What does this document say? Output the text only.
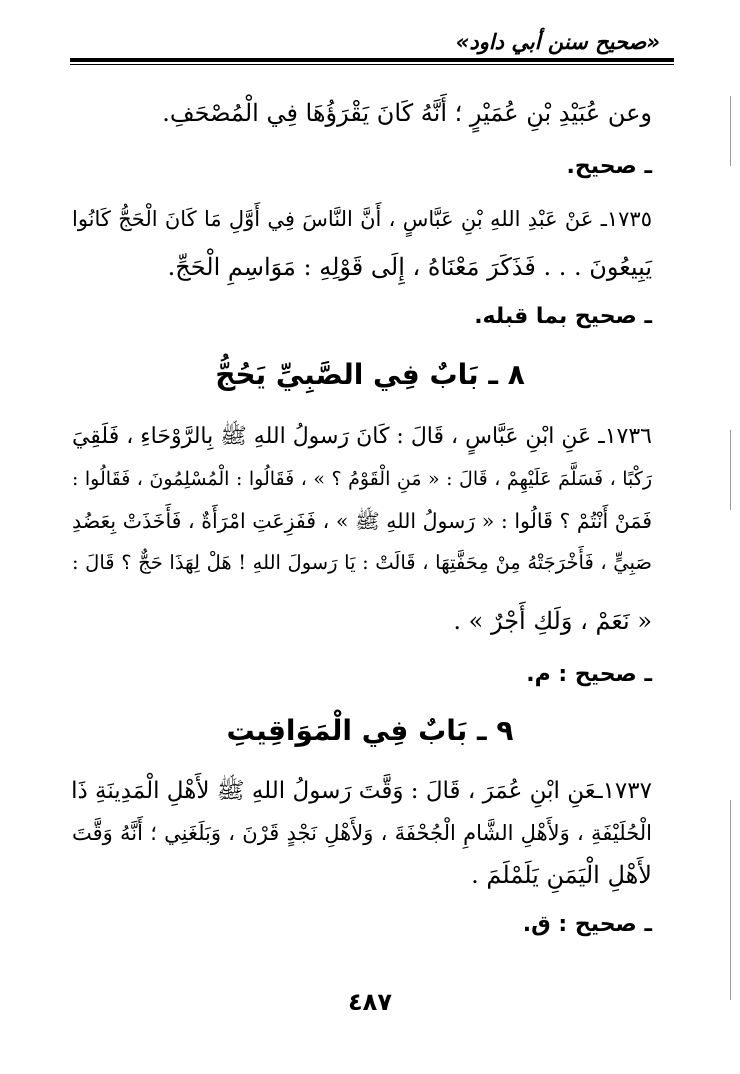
«صحيح سنن أبي داود»
وعن عُبَيْدِ بْنِ عُمَيْرٍ ؛ أَنَّهُ كَانَ يَقْرَؤُهَا فِي الْمُصْحَفِ.
ـ صحيح.
١٧٣٥ـ عَنْ عَبْدِ اللهِ بْنِ عَبَّاسٍ ، أَنَّ النَّاسَ فِي أَوَّلِ مَا كَانَ الْحَجُّ كَانُوا
يَبِيعُونَ . . . فَذَكَرَ مَعْنَاهُ ، إِلَى قَوْلِهِ : مَوَاسِمِ الْحَجِّ.
ـ صحيح بما قبله.
٨ ـ بَابٌ فِي الصَّبِيِّ يَحُجُّ
١٧٣٦ـ عَنِ ابْنِ عَبَّاسٍ ، قَالَ : كَانَ رَسولُ اللهِ ﷺ بِالرَّوْحَاءِ ، فَلَقِيَ
رَكْبًا ، فَسَلَّمَ عَلَيْهِمْ ، قَالَ : « مَنِ الْقَوْمُ ؟ » ، فَقَالُوا : الْمُسْلِمُونَ ، فَقَالُوا :
فَمَنْ أَنْتُمْ ؟ قَالُوا : « رَسولُ اللهِ ﷺ » ، فَفَزِعَتِ امْرَأَةٌ ، فَأَخَذَتْ بِعَضُدِ
صَبِيٍّ ، فَأَخْرَجَتْهُ مِنْ مِحَفَّتِهَا ، قَالَتْ : يَا رَسولَ اللهِ ! هَلْ لِهَذَا حَجٌّ ؟ قَالَ :
« نَعَمْ ، وَلَكِ أَجْرٌ » .
ـ صحيح : م.
٩ ـ بَابٌ فِي الْمَوَاقِيتِ
١٧٣٧ـعَنِ ابْنِ عُمَرَ ، قَالَ : وَقَّتَ رَسولُ اللهِ ﷺ لأَهْلِ الْمَدِينَةِ ذَا
الْحُلَيْفَةِ ، وَلأَهْلِ الشَّامِ الْجُحْفَةَ ، وَلأَهْلِ نَجْدٍ قَرْنَ ، وَبَلَغَنِي ؛ أَنَّهُ وَقَّتَ
لأَهْلِ الْيَمَنِ يَلَمْلَمَ .
ـ صحيح : ق.
٤٨٧
